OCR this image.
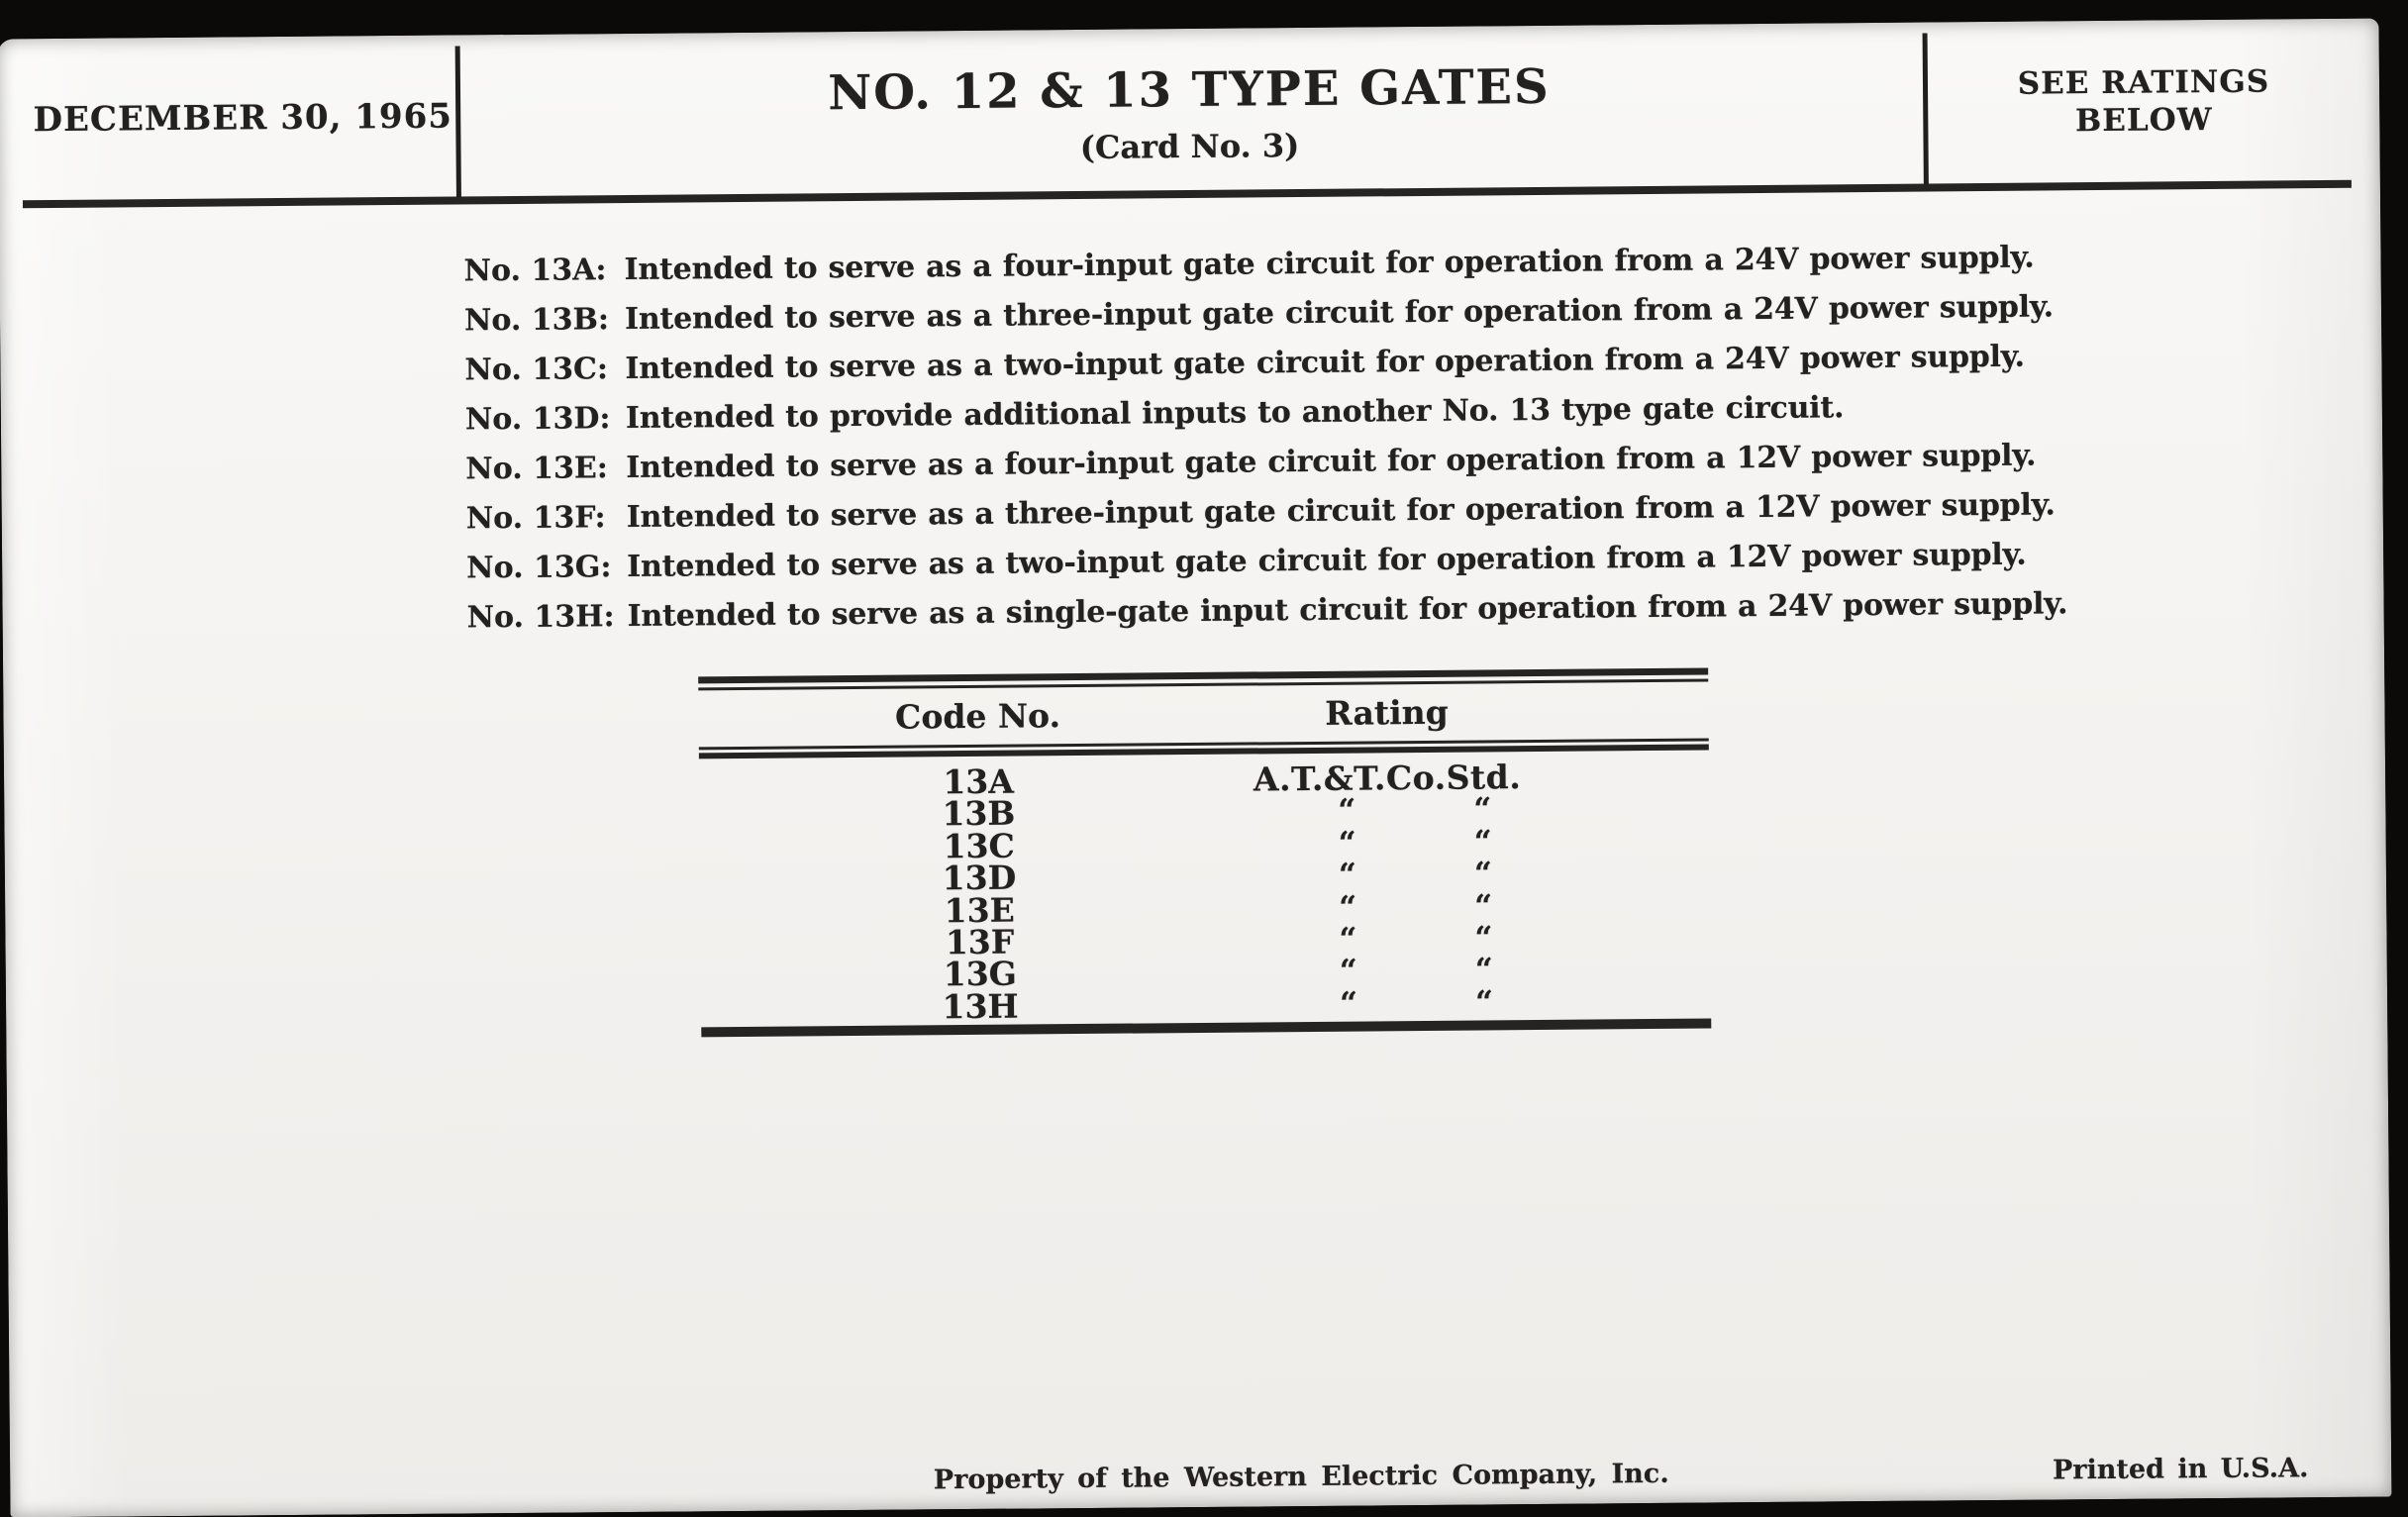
DECEMBER 30, 1965	NO. 12 & 13 TYPE GATES
(Card No. 3)
SEE RATINGS
BELOW
No. 13A: Intended to serve as a four-input gate circuit for operation from a 24V power supply.
No. 13B: Intended to serve as a three-input gate circuit for operation from a 24V power supply.
No. 13C: Intended to serve as a two-input gate circuit for operation from a 24V power supply.
No. 13D: Intended to provide additional inputs to another No. 13 type gate circuit.
No. 13E: Intended to serve as a four-input gate circuit for operation from a 12V power supply.
No. 13F: Intended to serve as a three-input gate circuit for operation from a 12V power supply.
No. 13G: Intended to serve as a two-input gate circuit for operation from a 12V power supply.
No. 13H: Intended to serve as a single-gate input circuit for operation from a 24V power supply.
Code No.	Rating
13A	A.T.&T.Co.Std.
13B	“	“
13C	“	“
13D	“	“
13E	“	“
13F	“	“
13G	“	“
13H	“	“
Property of the Western Electric Company, Inc.	Printed in U.S.A.
